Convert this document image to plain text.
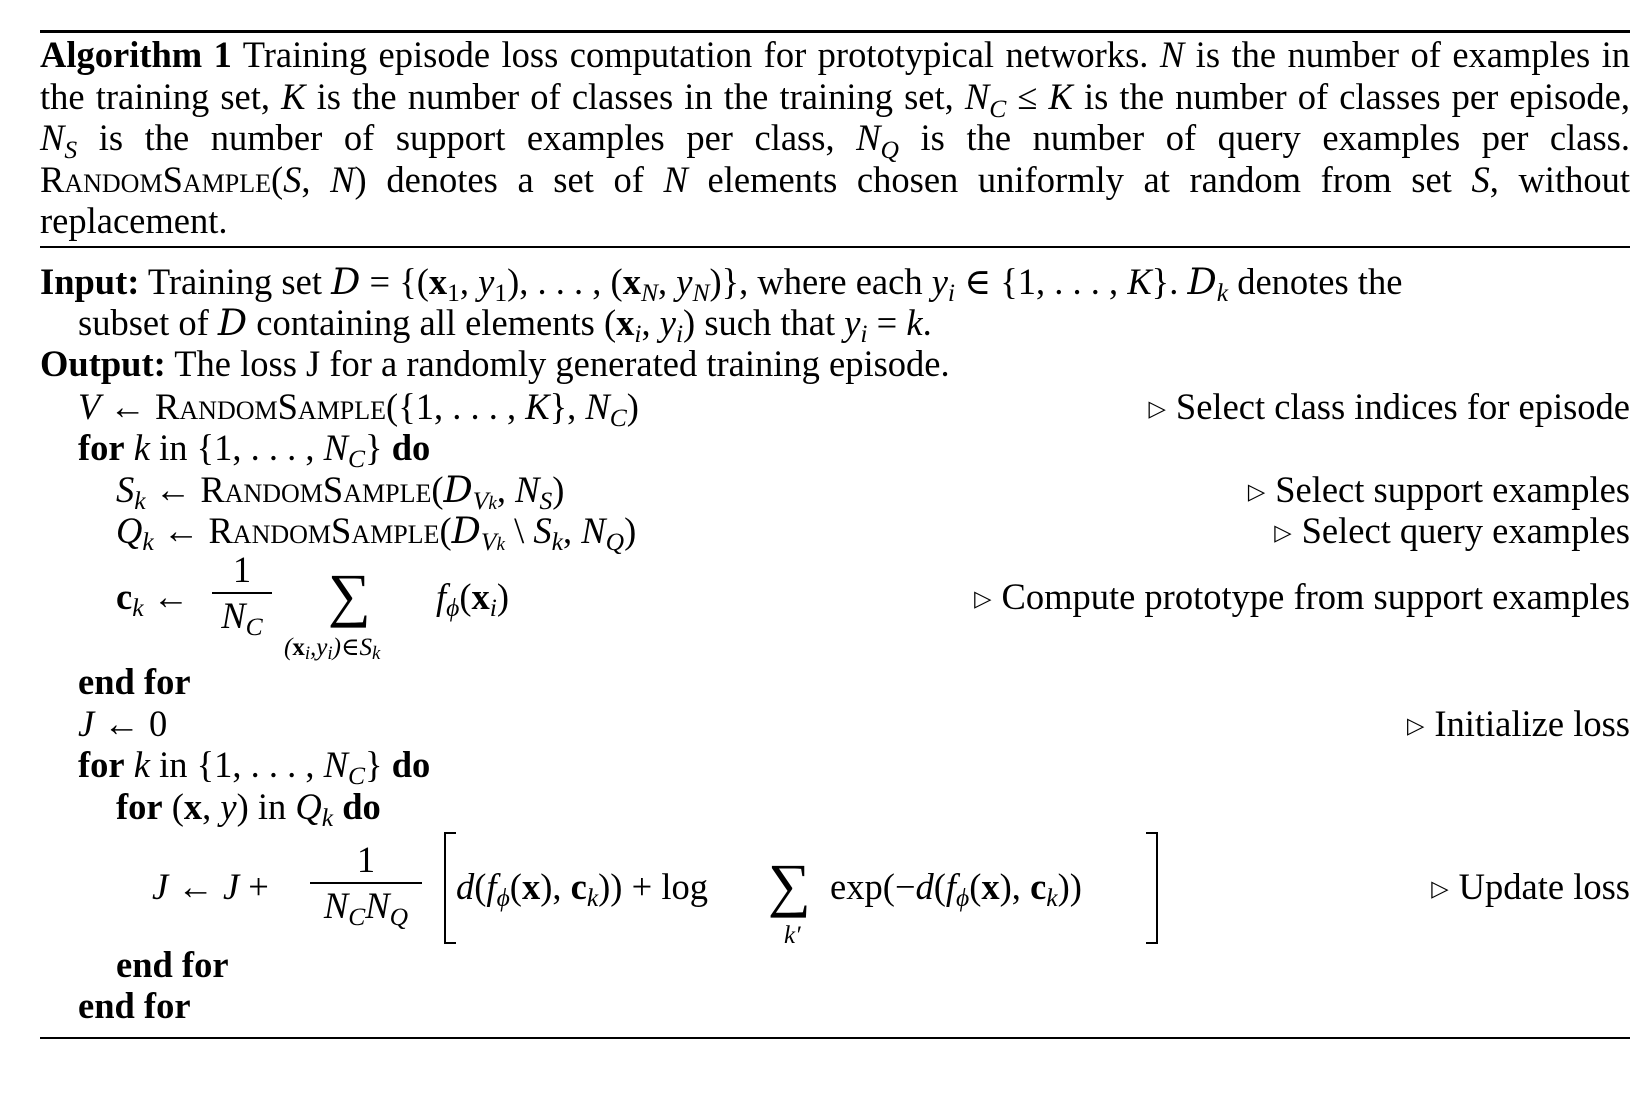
Algorithm 1 Training episode loss computation for prototypical networks. N is the number of examples in the training set, K is the number of classes in the training set, $N_C \le K$ is the number of classes per episode, $N_S$ is the number of support examples per class, $N_Q$ is the number of query examples per class. RandomSample(S, N) denotes a set of N elements chosen uniformly at random from set S, without replacement.
Input: Training set D = {(x1, y1), . . . , (xN, yN)}, where each yi ∈ {1, . . . , K}. Dk denotes the
subset of D containing all elements (xi, yi) such that yi = k.
Output: The loss J for a randomly generated training episode.
V ← RandomSample({1, . . . , K}, NC)	▷ Select class indices for episode
for k in {1, . . . , NC} do
Sk ← RandomSample(DVk, NS)	▷ Select support examples
Qk ← RandomSample(DVk \ Sk, NQ)	▷ Select query examples
ck ←
1
NC ∑
(xi,yi)∈Sk
fϕ(xi)	▷ Compute prototype from support examples
end for
J ← 0	▷ Initialize loss
for k in {1, . . . , NC} do
for (x, y) in Qk do
J ← J +
1
NCNQ
d(fϕ(x), ck)) + log ∑
k′
exp(−d(fϕ(x), ck))	▷ Update loss
end for
end for
